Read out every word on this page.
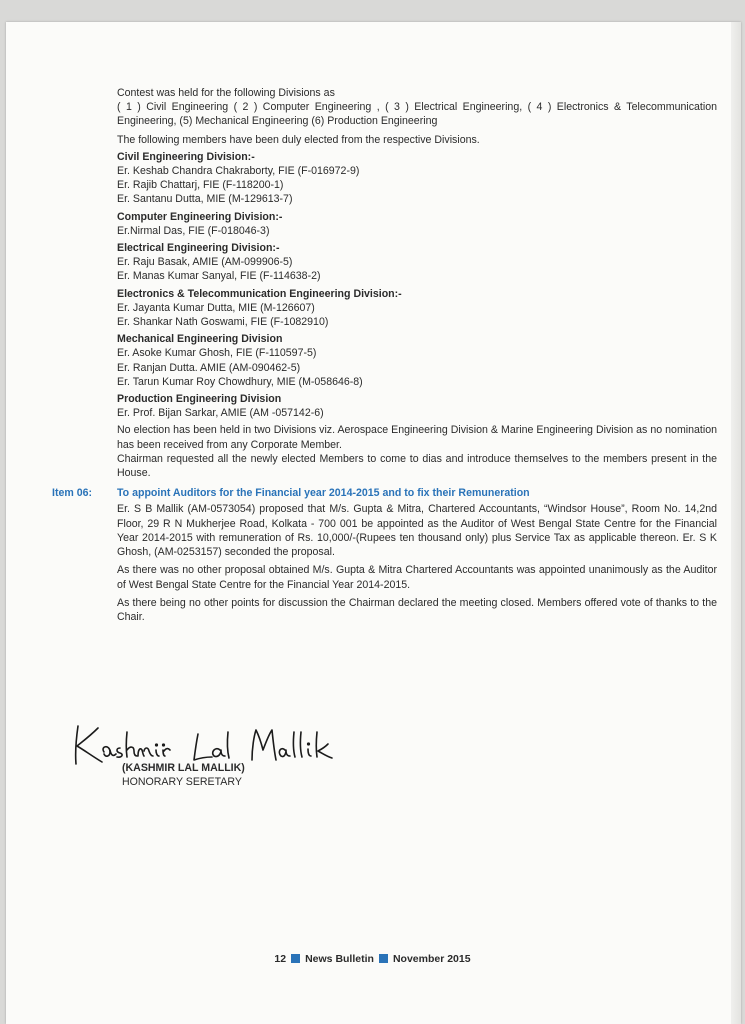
Contest was held for the following Divisions as

( 1 ) Civil Engineering ( 2 ) Computer Engineering , ( 3 ) Electrical Engineering, ( 4 ) Electronics & Telecommunication Engineering, (5) Mechanical Engineering (6) Production Engineering

The following members have been duly elected from the respective Divisions.

Civil Engineering Division:-

Er. Keshab Chandra Chakraborty, FIE (F-016972-9)

Er. Rajib Chattarj, FIE (F-118200-1)

Er. Santanu Dutta, MIE (M-129613-7)

Computer Engineering Division:-

Er.Nirmal Das, FIE (F-018046-3)

Electrical Engineering Division:-

Er. Raju Basak, AMIE (AM-099906-5)

Er. Manas Kumar Sanyal, FIE (F-114638-2)

Electronics & Telecommunication Engineering Division:-

Er. Jayanta Kumar Dutta, MIE (M-126607)

Er. Shankar Nath Goswami, FIE (F-1082910)

Mechanical Engineering Division

Er. Asoke Kumar Ghosh, FIE (F-110597-5)

Er. Ranjan Dutta. AMIE (AM-090462-5)

Er. Tarun Kumar Roy Chowdhury, MIE (M-058646-8)

Production Engineering Division

Er. Prof. Bijan Sarkar, AMIE (AM -057142-6)

No election has been held in two Divisions viz. Aerospace Engineering Division & Marine Engineering Division as no nomination has been received from any Corporate Member.

Chairman requested all the newly elected Members to come to dias and introduce themselves to the members present in the House.

Item 06: To appoint Auditors for the Financial year 2014-2015 and to fix their Remuneration

Er. S B Mallik (AM-0573054) proposed that M/s. Gupta & Mitra, Chartered Accountants, “Windsor House”, Room No. 14,2nd Floor, 29 R N Mukherjee Road, Kolkata - 700 001 be appointed as the Auditor of West Bengal State Centre for the Financial Year 2014-2015 with remuneration of Rs. 10,000/-(Rupees ten thousand only) plus Service Tax as applicable thereon. Er. S K Ghosh, (AM-0253157) seconded the proposal.

As there was no other proposal obtained M/s. Gupta & Mitra Chartered Accountants was appointed unanimously as the Auditor of West Bengal State Centre for the Financial Year 2014-2015.

As there being no other points for discussion the Chairman declared the meeting closed. Members offered vote of thanks to the Chair.

(KASHMIR LAL MALLIK)

HONORARY SERETARY

12 News Bulletin November 2015
